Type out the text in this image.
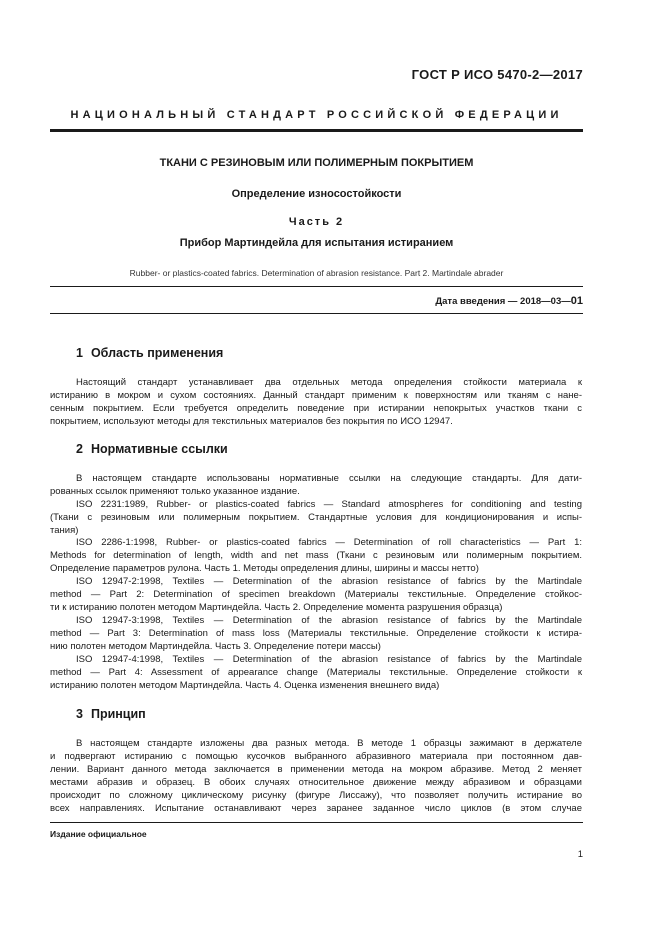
ГОСТ Р ИСО 5470-2—2017
НАЦИОНАЛЬНЫЙ СТАНДАРТ РОССИЙСКОЙ ФЕДЕРАЦИИ
ТКАНИ С РЕЗИНОВЫМ ИЛИ ПОЛИМЕРНЫМ ПОКРЫТИЕМ
Определение износостойкости
Часть 2
Прибор Мартиндейла для испытания истиранием
Rubber- or plastics-coated fabrics. Determination of abrasion resistance. Part 2. Martindale abrader
Дата введения — 2018—03—01
1 Область применения
Настоящий стандарт устанавливает два отдельных метода определения стойкости материала к
истиранию в мокром и сухом состояниях. Данный стандарт применим к поверхностям или тканям с нане-
сенным покрытием. Если требуется определить поведение при истирании непокрытых участков ткани с
покрытием, используют методы для текстильных материалов без покрытия по ИСО 12947.
2 Нормативные ссылки
В настоящем стандарте использованы нормативные ссылки на следующие стандарты. Для дати-
рованных ссылок применяют только указанное издание.
ISO 2231:1989, Rubber- or plastics-coated fabrics — Standard atmospheres for conditioning and testing
(Ткани с резиновым или полимерным покрытием. Стандартные условия для кондиционирования и испы-
тания)
ISO 2286-1:1998, Rubber- or plastics-coated fabrics — Determination of roll characteristics — Part 1:
Methods for determination of length, width and net mass (Ткани с резиновым или полимерным покрытием.
Определение параметров рулона. Часть 1. Методы определения длины, ширины и массы нетто)
ISO 12947-2:1998, Textiles — Determination of the abrasion resistance of fabrics by the Martindale
method — Part 2: Determination of specimen breakdown (Материалы текстильные. Определение стойкос-
ти к истиранию полотен методом Мартиндейла. Часть 2. Определение момента разрушения образца)
ISO 12947-3:1998, Textiles — Determination of the abrasion resistance of fabrics by the Martindale
method — Part 3: Determination of mass loss (Материалы текстильные. Определение стойкости к истира-
нию полотен методом Мартиндейла. Часть 3. Определение потери массы)
ISO 12947-4:1998, Textiles — Determination of the abrasion resistance of fabrics by the Martindale
method — Part 4: Assessment of appearance change (Материалы текстильные. Определение стойкости к
истиранию полотен методом Мартиндейла. Часть 4. Оценка изменения внешнего вида)
3 Принцип
В настоящем стандарте изложены два разных метода. В методе 1 образцы зажимают в держателе
и подвергают истиранию с помощью кусочков выбранного абразивного материала при постоянном дав-
лении. Вариант данного метода заключается в применении метода на мокром абразиве. Метод 2 меняет
местами абразив и образец. В обоих случаях относительное движение между абразивом и образцами
происходит по сложному циклическому рисунку (фигуре Лиссажу), что позволяет получить истирание во
всех направлениях. Испытание останавливают через заранее заданное число циклов (в этом случае
Издание официальное
1
